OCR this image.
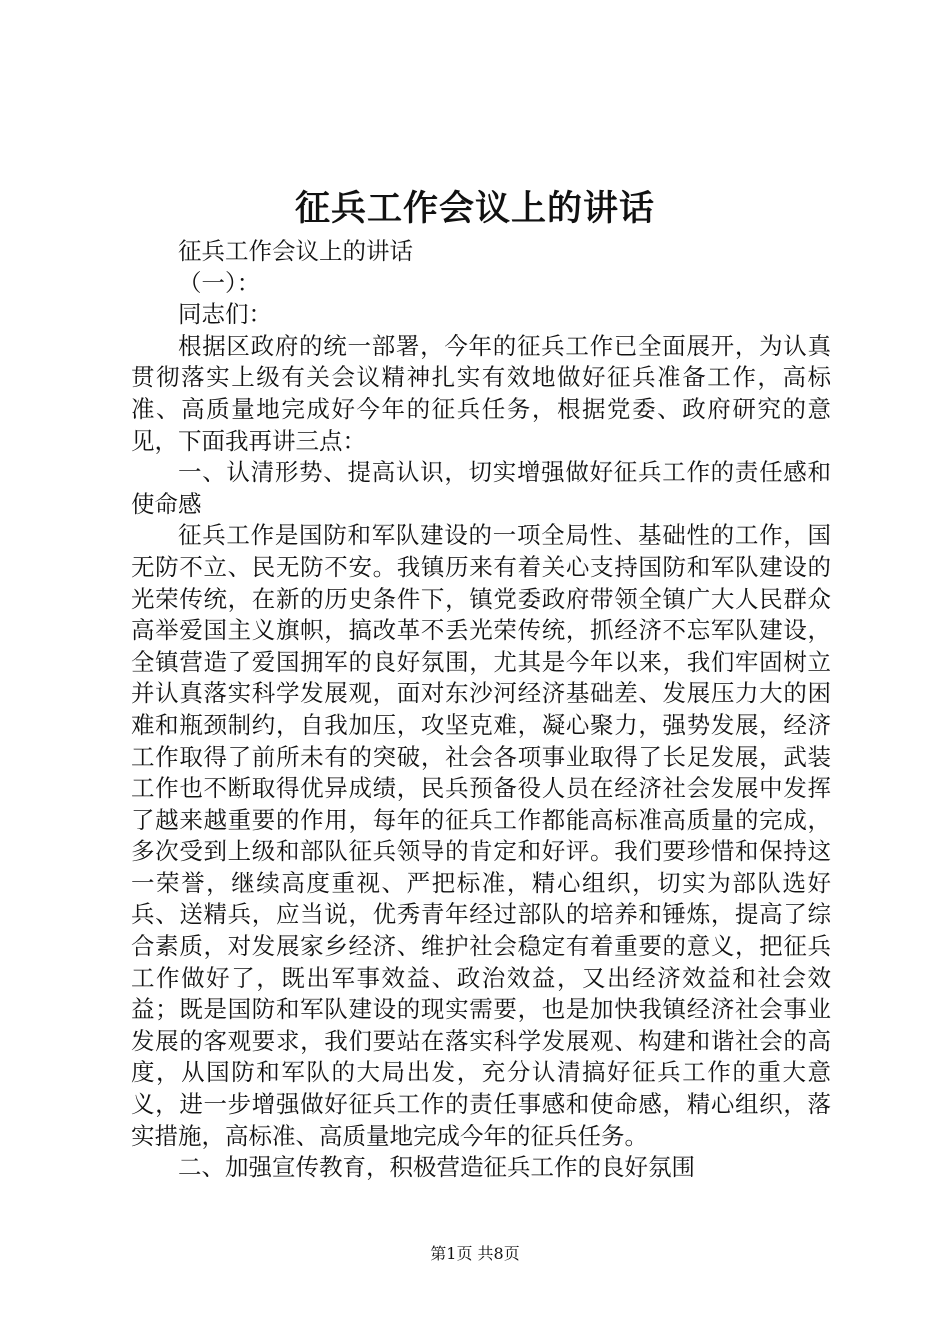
征兵工作会议上的讲话

征兵工作会议上的讲话

（一）：

同志们：

根据区政府的统一部署，今年的征兵工作已全面展开，为认真贯彻落实上级有关会议精神扎实有效地做好征兵准备工作，高标准、高质量地完成好今年的征兵任务，根据党委、政府研究的意见，下面我再讲三点：

一、认清形势、提高认识，切实增强做好征兵工作的责任感和使命感

征兵工作是国防和军队建设的一项全局性、基础性的工作，国无防不立、民无防不安。我镇历来有着关心支持国防和军队建设的光荣传统，在新的历史条件下，镇党委政府带领全镇广大人民群众高举爱国主义旗帜，搞改革不丢光荣传统，抓经济不忘军队建设，全镇营造了爱国拥军的良好氛围，尤其是今年以来，我们牢固树立并认真落实科学发展观，面对东沙河经济基础差、发展压力大的困难和瓶颈制约，自我加压，攻坚克难，凝心聚力，强势发展，经济工作取得了前所未有的突破，社会各项事业取得了长足发展，武装工作也不断取得优异成绩，民兵预备役人员在经济社会发展中发挥了越来越重要的作用，每年的征兵工作都能高标准高质量的完成，多次受到上级和部队征兵领导的肯定和好评。我们要珍惜和保持这一荣誉，继续高度重视、严把标准，精心组织，切实为部队选好兵、送精兵，应当说，优秀青年经过部队的培养和锤炼，提高了综合素质，对发展家乡经济、维护社会稳定有着重要的意义，把征兵工作做好了，既出军事效益、政治效益，又出经济效益和社会效益；既是国防和军队建设的现实需要，也是加快我镇经济社会事业发展的客观要求，我们要站在落实科学发展观、构建和谐社会的高度，从国防和军队的大局出发，充分认清搞好征兵工作的重大意义，进一步增强做好征兵工作的责任事感和使命感，精心组织，落实措施，高标准、高质量地完成今年的征兵任务。

二、加强宣传教育，积极营造征兵工作的良好氛围

第1页 共8页
